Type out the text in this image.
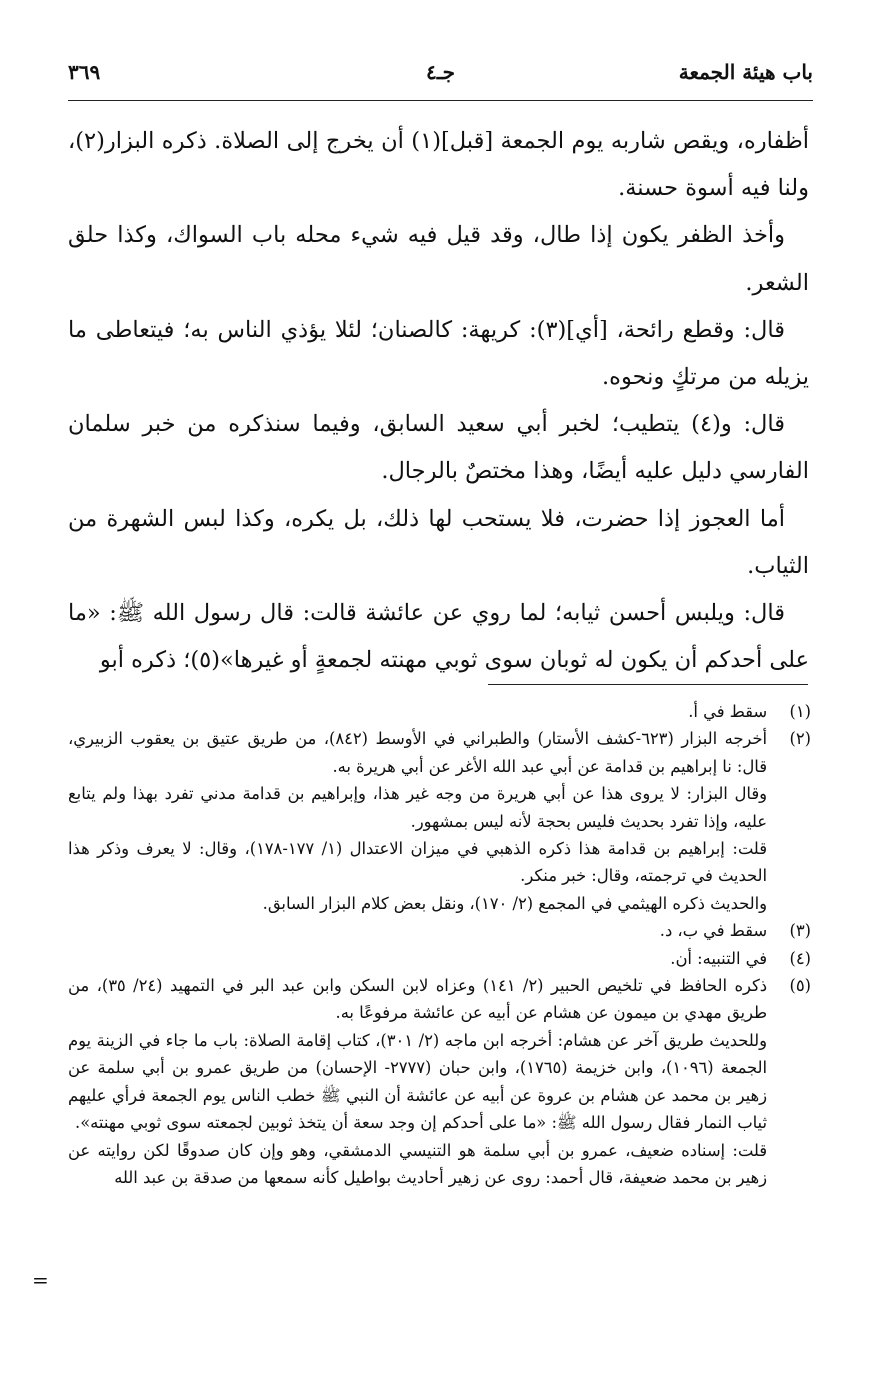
باب هيئة الجمعة
جـ٤
٣٦٩

أظفاره، ويقص شاربه يوم الجمعة [قبل](١) أن يخرج إلى الصلاة. ذكره البزار(٢)، ولنا فيه أسوة حسنة.

وأخذ الظفر يكون إذا طال، وقد قيل فيه شيء محله باب السواك، وكذا حلق الشعر.

قال: وقطع رائحة، [أي](٣): كريهة: كالصنان؛ لئلا يؤذي الناس به؛ فيتعاطى ما يزيله من مرتكٍ ونحوه.

قال: و(٤) يتطيب؛ لخبر أبي سعيد السابق، وفيما سنذكره من خبر سلمان الفارسي دليل عليه أيضًا، وهذا مختصٌ بالرجال.

أما العجوز إذا حضرت، فلا يستحب لها ذلك، بل يكره، وكذا لبس الشهرة من الثياب.

قال: ويلبس أحسن ثيابه؛ لما روي عن عائشة قالت: قال رسول الله ﷺ: «ما على أحدكم أن يكون له ثوبان سوى ثوبي مهنته لجمعةٍ أو غيرها»(٥)؛ ذكره أبو

(١)

سقط في أ.

(٢)

أخرجه البزار (٦٢٣-كشف الأستار) والطبراني في الأوسط (٨٤٢)، من طريق عتيق بن يعقوب الزبيري، قال: نا إبراهيم بن قدامة عن أبي عبد الله الأغر عن أبي هريرة به.

وقال البزار: لا يروى هذا عن أبي هريرة من وجه غير هذا، وإبراهيم بن قدامة مدني تفرد بهذا ولم يتابع عليه، وإذا تفرد بحديث فليس بحجة لأنه ليس بمشهور.

قلت: إبراهيم بن قدامة هذا ذكره الذهبي في ميزان الاعتدال (١/ ١٧٧-١٧٨)، وقال: لا يعرف وذكر هذا الحديث في ترجمته، وقال: خبر منكر.

والحديث ذكره الهيثمي في المجمع (٢/ ١٧٠)، ونقل بعض كلام البزار السابق.

(٣)

سقط في ب، د.

(٤)

في التنبيه: أن.

(٥)

ذكره الحافظ في تلخيص الحبير (٢/ ١٤١) وعزاه لابن السكن وابن عبد البر في التمهيد (٢٤/ ٣٥)، من طريق مهدي بن ميمون عن هشام عن أبيه عن عائشة مرفوعًا به.

وللحديث طريق آخر عن هشام: أخرجه ابن ماجه (٢/ ٣٠١)، كتاب إقامة الصلاة: باب ما جاء في الزينة يوم الجمعة (١٠٩٦)، وابن خزيمة (١٧٦٥)، وابن حبان (٢٧٧٧- الإحسان) من طريق عمرو بن أبي سلمة عن زهير بن محمد عن هشام بن عروة عن أبيه عن عائشة أن النبي ﷺ خطب الناس يوم الجمعة فرأي عليهم ثياب النمار فقال رسول الله ﷺ: «ما على أحدكم إن وجد سعة أن يتخذ ثوبين لجمعته سوى ثوبي مهنته».

قلت: إسناده ضعيف، عمرو بن أبي سلمة هو التنيسي الدمشقي، وهو وإن كان صدوقًا لكن روايته عن زهير بن محمد ضعيفة، قال أحمد: روى عن زهير أحاديث بواطيل كأنه سمعها من صدقة بن عبد الله

=
